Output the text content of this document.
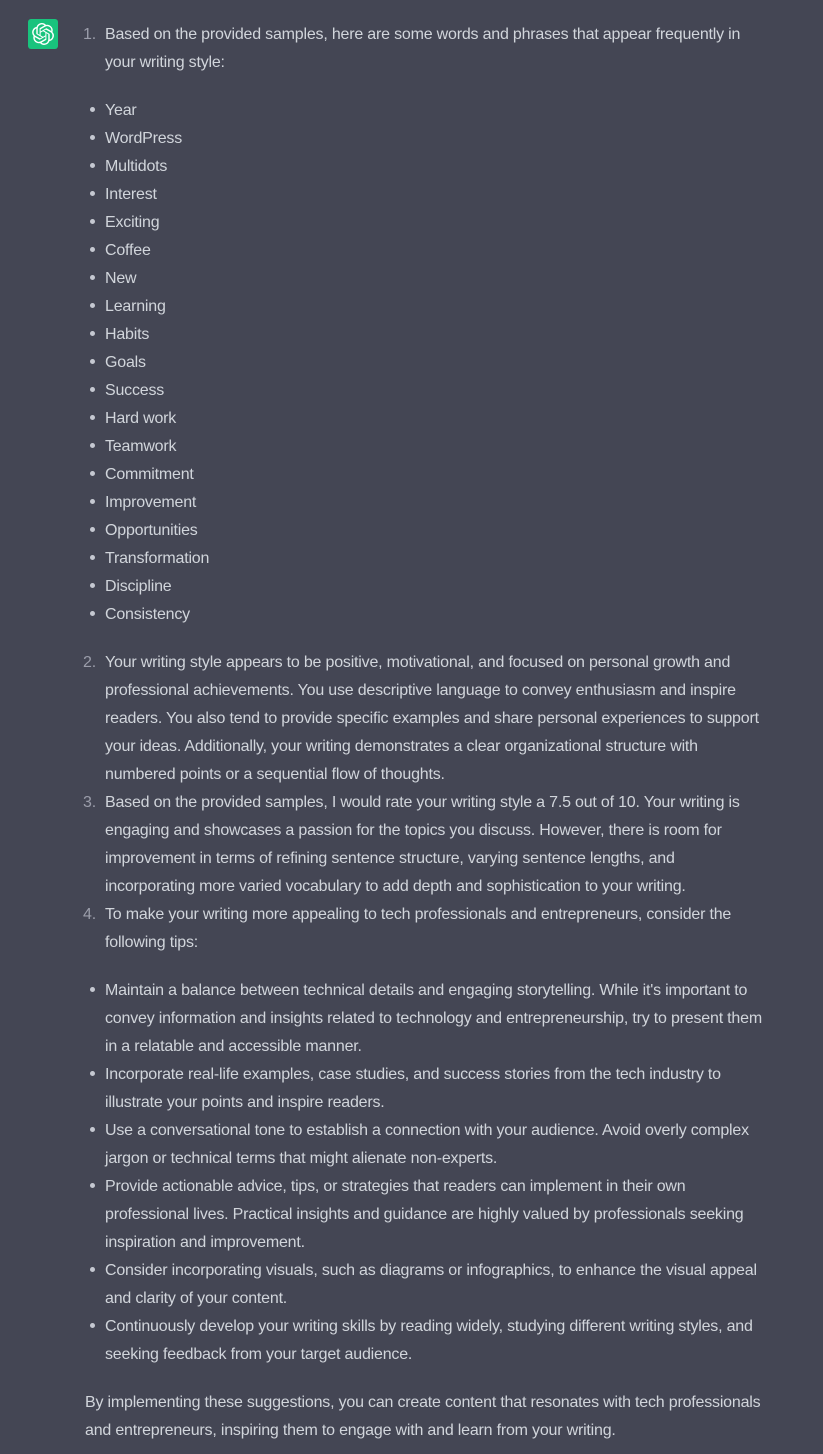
Based on the provided samples, here are some words and phrases that appear frequently in your writing style:
Year
WordPress
Multidots
Interest
Exciting
Coffee
New
Learning
Habits
Goals
Success
Hard work
Teamwork
Commitment
Improvement
Opportunities
Transformation
Discipline
Consistency
Your writing style appears to be positive, motivational, and focused on personal growth and professional achievements. You use descriptive language to convey enthusiasm and inspire readers. You also tend to provide specific examples and share personal experiences to support your ideas. Additionally, your writing demonstrates a clear organizational structure with numbered points or a sequential flow of thoughts.
Based on the provided samples, I would rate your writing style a 7.5 out of 10. Your writing is engaging and showcases a passion for the topics you discuss. However, there is room for improvement in terms of refining sentence structure, varying sentence lengths, and incorporating more varied vocabulary to add depth and sophistication to your writing.
To make your writing more appealing to tech professionals and entrepreneurs, consider the following tips:
Maintain a balance between technical details and engaging storytelling. While it's important to convey information and insights related to technology and entrepreneurship, try to present them in a relatable and accessible manner.
Incorporate real-life examples, case studies, and success stories from the tech industry to illustrate your points and inspire readers.
Use a conversational tone to establish a connection with your audience. Avoid overly complex jargon or technical terms that might alienate non-experts.
Provide actionable advice, tips, or strategies that readers can implement in their own professional lives. Practical insights and guidance are highly valued by professionals seeking inspiration and improvement.
Consider incorporating visuals, such as diagrams or infographics, to enhance the visual appeal and clarity of your content.
Continuously develop your writing skills by reading widely, studying different writing styles, and seeking feedback from your target audience.

By implementing these suggestions, you can create content that resonates with tech professionals and entrepreneurs, inspiring them to engage with and learn from your writing.
